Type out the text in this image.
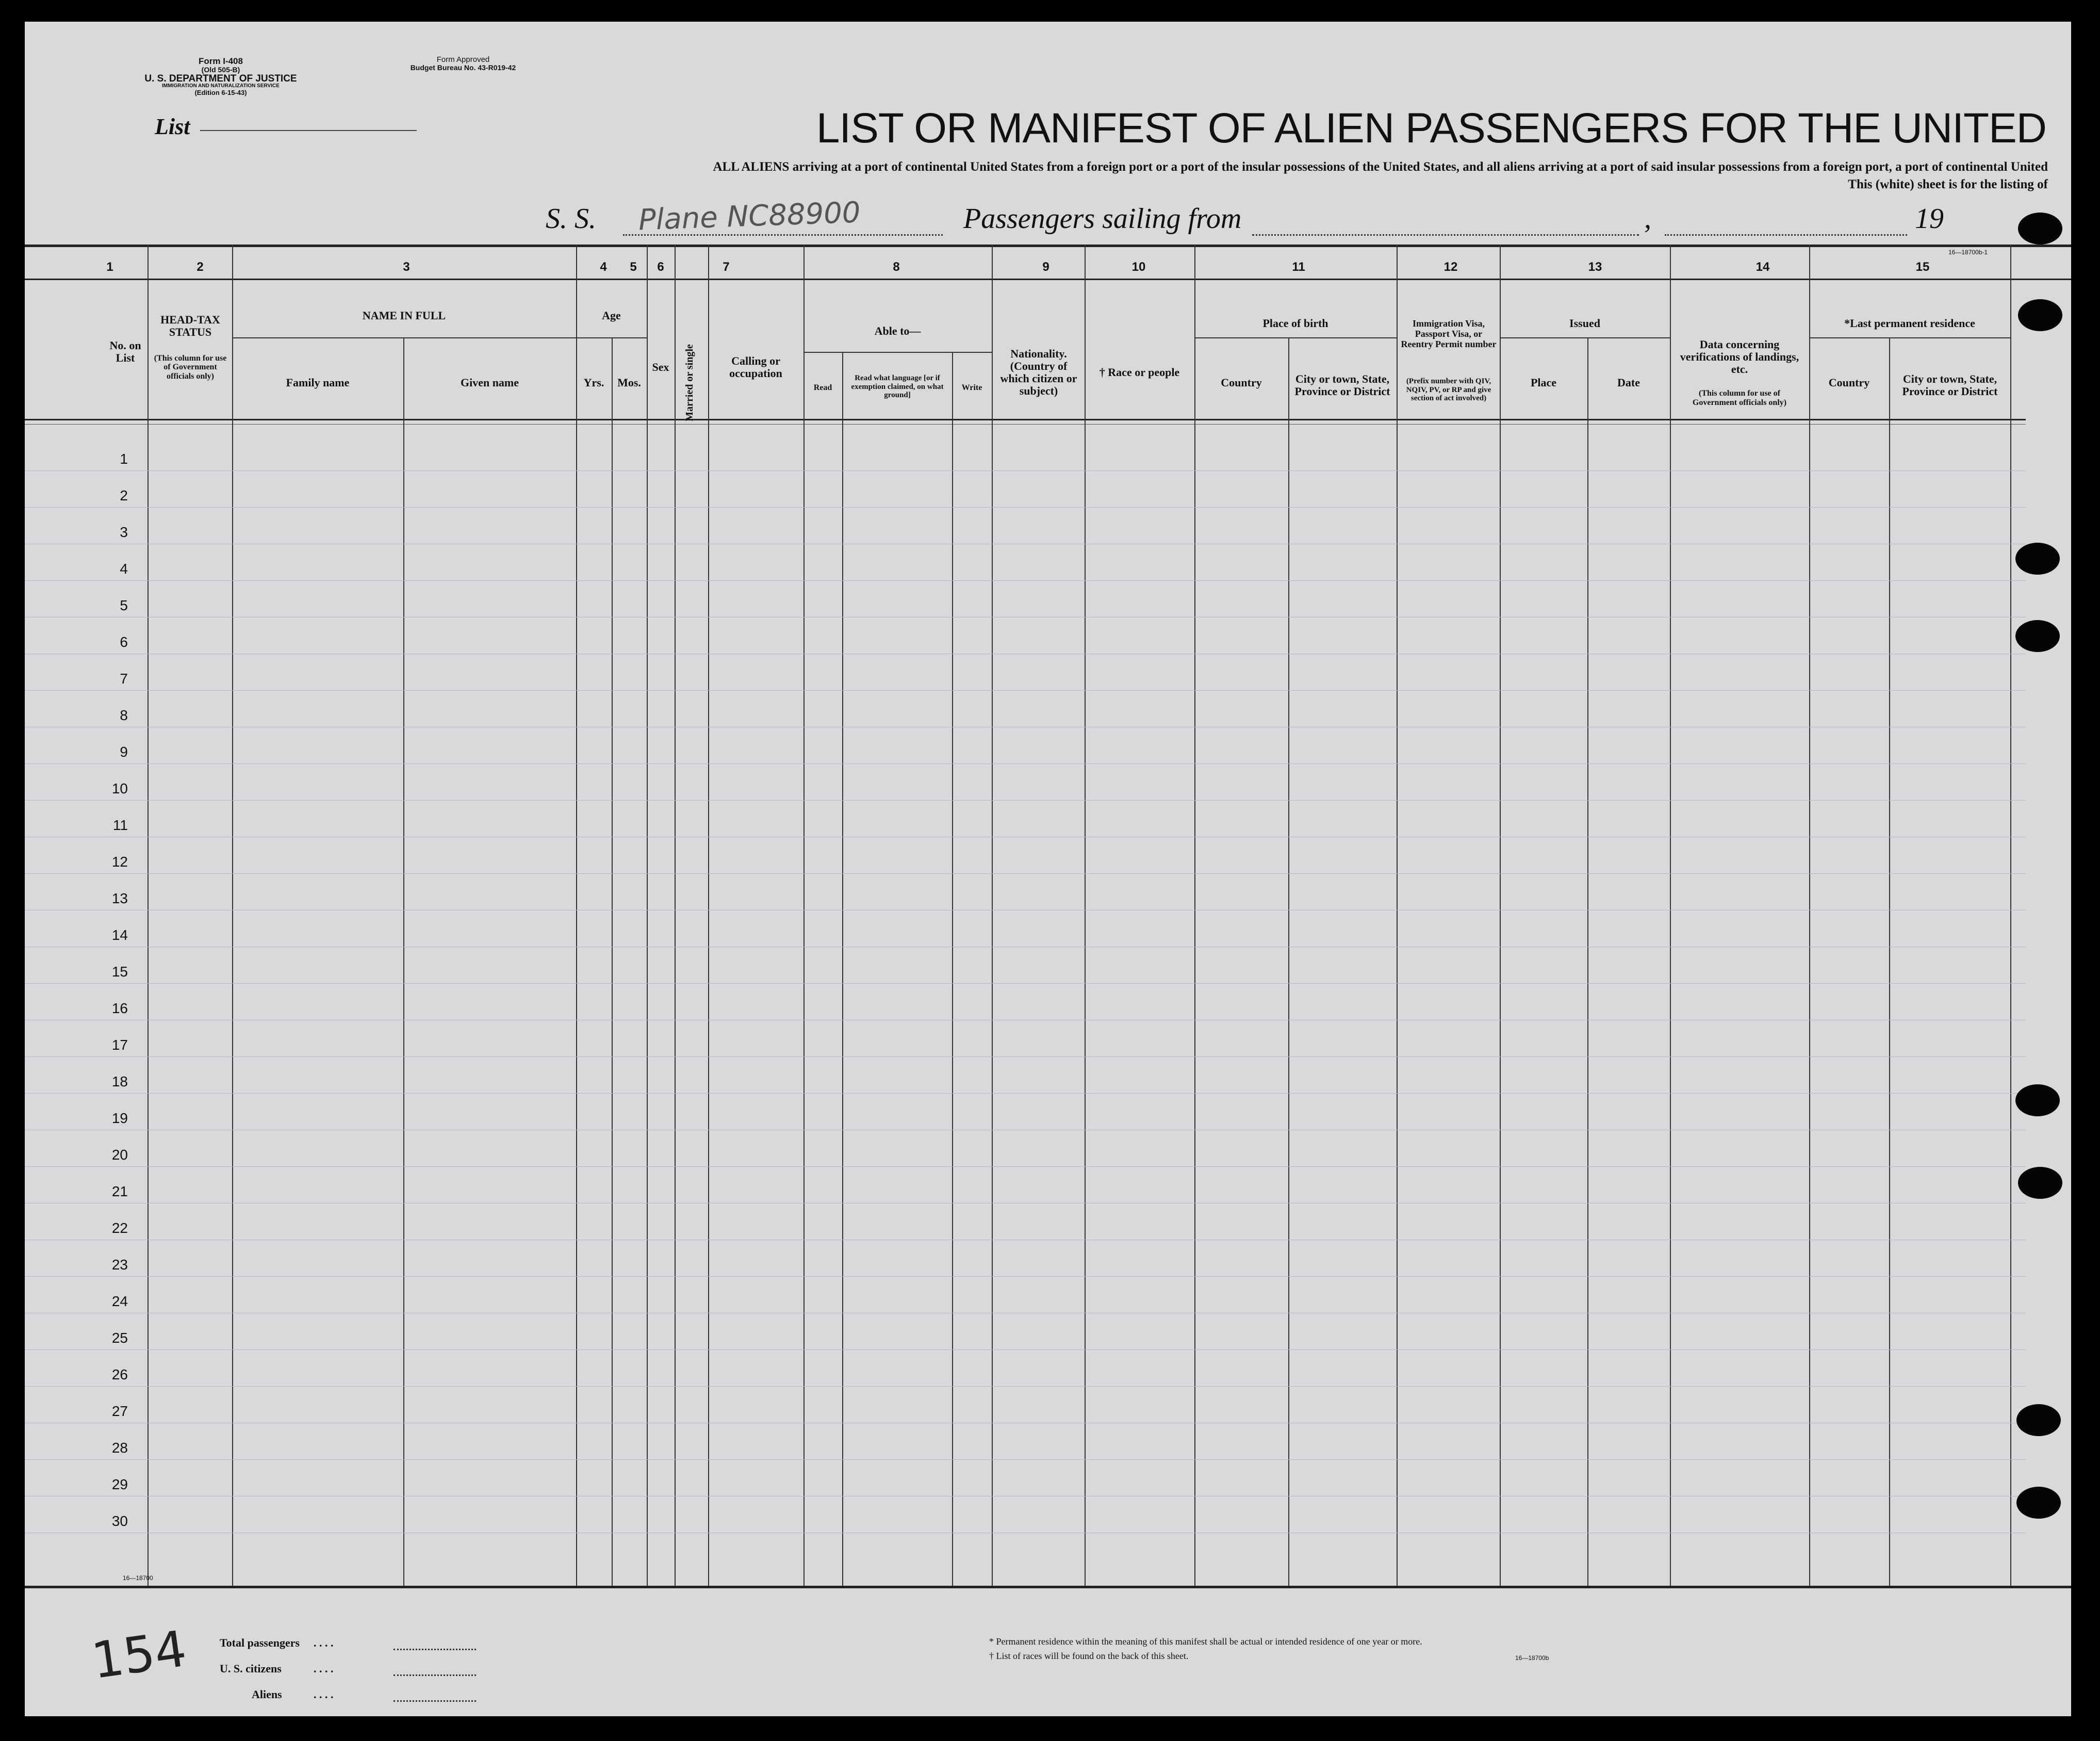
Form I-408
(Old 505-B)
U. S. DEPARTMENT OF JUSTICE
IMMIGRATION AND NATURALIZATION SERVICE
(Edition 6-15-43)
Form Approved
Budget Bureau No. 43-R019-42
List	LIST OR MANIFEST OF ALIEN PASSENGERS FOR THE UNITED
ALL ALIENS arriving at a port of continental United States from a foreign port or a port of the insular possessions of the United States, and all aliens arriving at a port of said insular possessions from a foreign port, a port of continental United
This (white) sheet is for the listing of
S. S. Plane NC88900	Passengers sailing from	,	19
16—18700b-1
1	2	3	4	5	6	7	8	9	10	11	12	13	14	15
No. on List
HEAD-TAX STATUS
(This column for use of Government officials only)
NAME IN FULL
Family name	Given name
Age
Yrs.	Mos.
Sex	Married or single	Calling or occupation
Able to—
Read
Read what language [or if exemption claimed, on what ground]
Write
Nationality. (Country of which citizen or subject)
† Race or people
Place of birth
Country	City or town, State, Province or District
Immigration Visa, Passport Visa, or Reentry Permit number
(Prefix number with QIV, NQIV, PV, or RP and give section of act involved)
Issued
Place	Date
Data concerning verifications of landings, etc.
(This column for use of Government officials only)
*Last permanent residence
Country	City or town, State, Province or District
1
2
3
4
5
6
7
8
9
10
11
12
13
14
15
16
17
18
19
20
21
22
23
24
25
26
27
28
29
30
16—18700
154	Total passengers . . . .
U. S. citizens	. . . .
Aliens	. . . .
* Permanent residence within the meaning of this manifest shall be actual or intended residence of one year or more.
† List of races will be found on the back of this sheet.	16—18700b
